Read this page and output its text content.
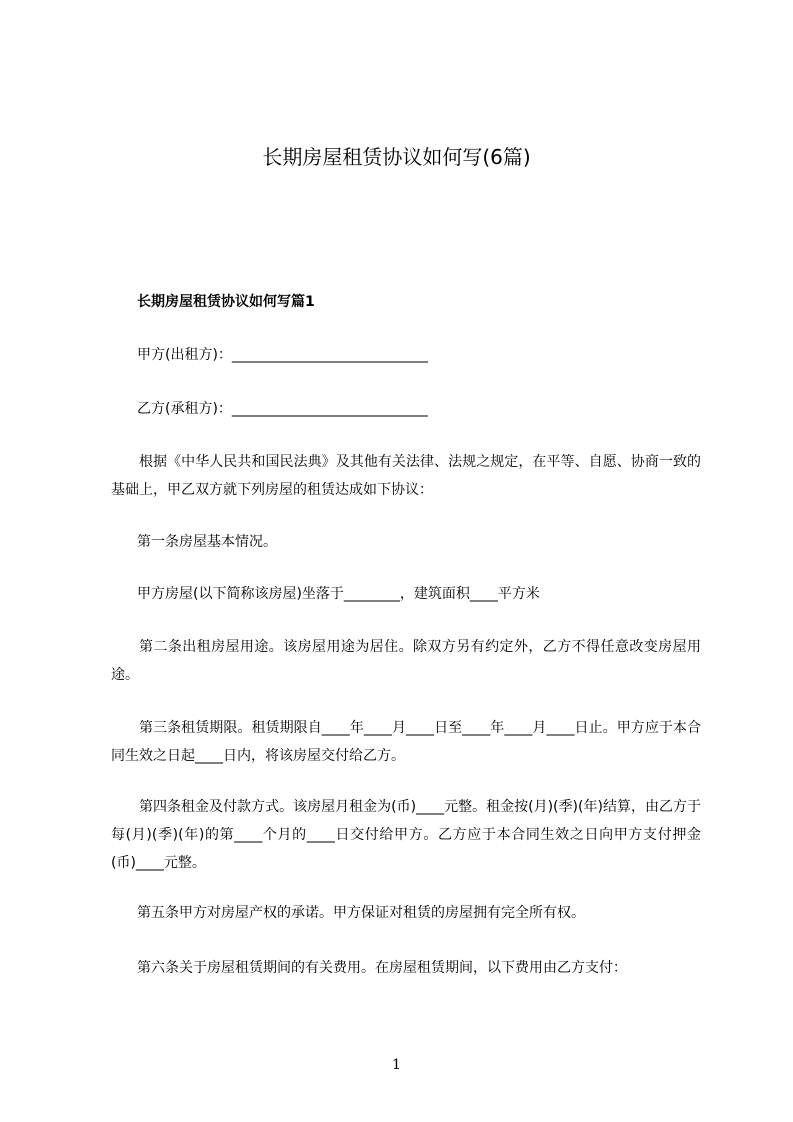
长期房屋租赁协议如何写(6篇)
长期房屋租赁协议如何写篇1
甲方(出租方)：____________________________
乙方(承租方)：____________________________
根据《中华人民共和国民法典》及其他有关法律、法规之规定，在平等、自愿、协商一致的基础上，甲乙双方就下列房屋的租赁达成如下协议：
第一条房屋基本情况。
甲方房屋(以下简称该房屋)坐落于________，建筑面积____平方米
第二条出租房屋用途。该房屋用途为居住。除双方另有约定外，乙方不得任意改变房屋用途。
第三条租赁期限。租赁期限自____年____月____日至____年____月____日止。甲方应于本合同生效之日起____日内，将该房屋交付给乙方。
第四条租金及付款方式。该房屋月租金为(币)____元整。租金按(月)(季)(年)结算，由乙方于每(月)(季)(年)的第____个月的____日交付给甲方。乙方应于本合同生效之日向甲方支付押金(币)____元整。
第五条甲方对房屋产权的承诺。甲方保证对租赁的房屋拥有完全所有权。
第六条关于房屋租赁期间的有关费用。在房屋租赁期间，以下费用由乙方支付：
1
